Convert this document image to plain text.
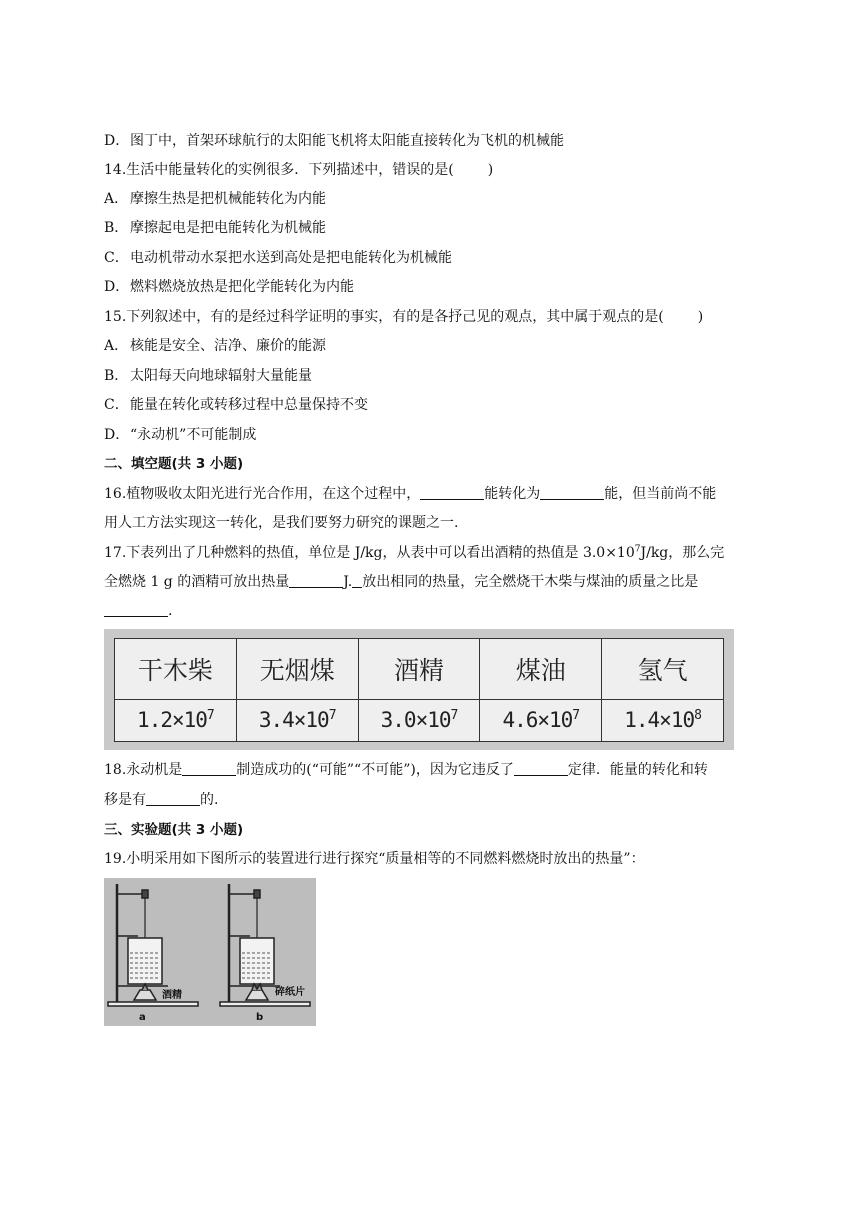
D．图丁中，首架环球航行的太阳能飞机将太阳能直接转化为飞机的机械能
14.生活中能量转化的实例很多．下列描述中，错误的是( )
A． 摩擦生热是把机械能转化为内能
B． 摩擦起电是把电能转化为机械能
C．电动机带动水泵把水送到高处是把电能转化为机械能
D．燃料燃烧放热是把化学能转化为内能
15.下列叙述中，有的是经过科学证明的事实，有的是各抒己见的观点，其中属于观点的是( )
A． 核能是安全、洁净、廉价的能源
B． 太阳每天向地球辐射大量能量
C．能量在转化或转移过程中总量保持不变
D．“永动机”不可能制成
二、填空题(共 3 小题)
16.植物吸收太阳光进行光合作用，在这个过程中，	能转化为	能，但当前尚不能
用人工方法实现这一转化，是我们要努力研究的课题之一.
17.下表列出了几种燃料的热值，单位是 J/kg，从表中可以看出酒精的热值是 $3.0\times 10^7J/kg$，那么完
全燃烧 1 g 的酒精可放出热量	J. 放出相同的热量，完全燃烧干木柴与煤油的质量之比是
.
干木柴	无烟煤	酒精	煤油	氢气
$1.2\times 10^7$	$3.4\times 10^7$	$3.0\times 10^7$	$4.6\times 10^7$	$1.4\times 10^8$
18.永动机是	制造成功的(“可能”“不可能”)，因为它违反了	定律．能量的转化和转
移是有	的.
三、实验题(共 3 小题)
19.小明采用如下图所示的装置进行进行探究“质量相等的不同燃料燃烧时放出的热量”：
酒精
a
碎纸片
b
